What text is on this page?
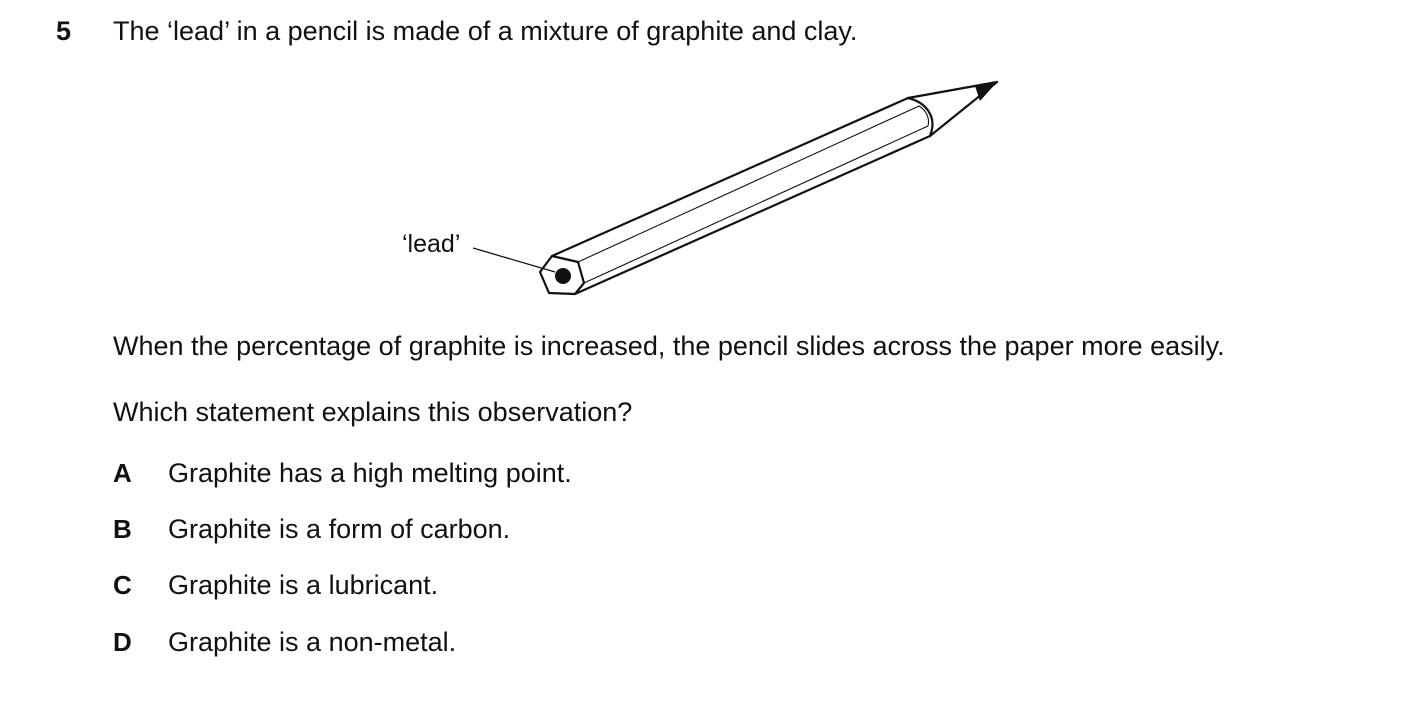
5 The ‘lead’ in a pencil is made of a mixture of graphite and clay.
‘lead’
When the percentage of graphite is increased, the pencil slides across the paper more easily.
Which statement explains this observation?
A Graphite has a high melting point.
B Graphite is a form of carbon.
C Graphite is a lubricant.
D Graphite is a non-metal.
